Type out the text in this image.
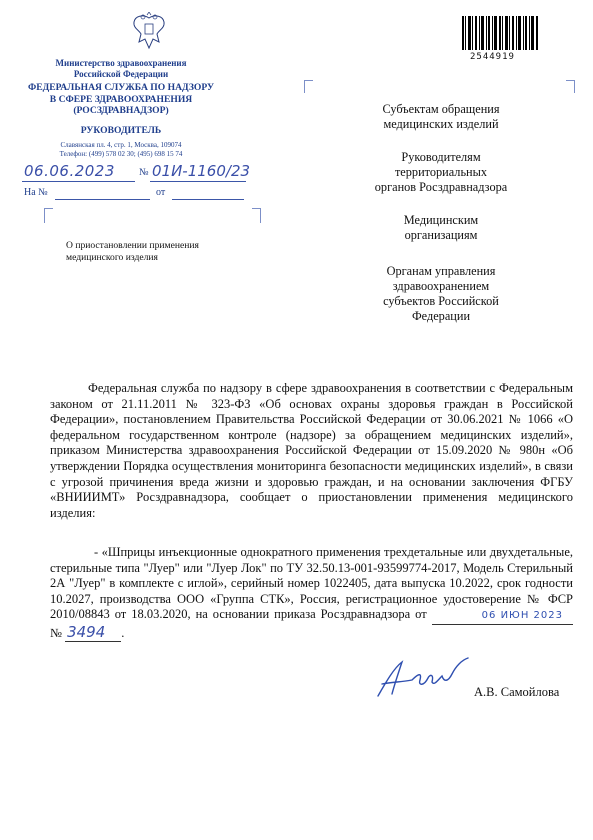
Министерство здравоохранения
Российской Федерации
ФЕДЕРАЛЬНАЯ СЛУЖБА ПО НАДЗОРУ
В СФЕРЕ ЗДРАВООХРАНЕНИЯ
(РОСЗДРАВНАДЗОР)
РУКОВОДИТЕЛЬ
Славянская пл. 4, стр. 1, Москва, 109074
Телефон: (499) 578 02 30; (495) 698 15 74
06.06.2023 № 01И-1160/23
На №	от
О приостановлении применения
медицинского изделия
2544919
Субъектам обращения
медицинских изделий
Руководителям
территориальных
органов Росздравнадзора
Медицинским
организациям
Органам управления
здравоохранением
субъектов Российской
Федерации
Федеральная служба по надзору в сфере здравоохранения в соответствии с Федеральным законом от 21.11.2011 № 323-ФЗ «Об основах охраны здоровья граждан в Российской Федерации», постановлением Правительства Российской Федерации от 30.06.2021 № 1066 «О федеральном государственном контроле (надзоре) за обращением медицинских изделий», приказом Министерства здравоохранения Российской Федерации от 15.09.2020 № 980н «Об утверждении Порядка осуществления мониторинга безопасности медицинских изделий», в связи с угрозой причинения вреда жизни и здоровью граждан, и на основании заключения ФГБУ «ВНИИИМТ» Росздравнадзора, сообщает о приостановлении применения медицинского изделия:
- «Шприцы инъекционные однократного применения трехдетальные или двухдетальные, стерильные типа "Луер" или "Луер Лок" по ТУ 32.50.13-001-93599774-2017, Модель Стерильный 2А "Луер" в комплекте с иглой», серийный номер 1022405, дата выпуска 10.2022, срок годности 10.2027, производства ООО «Группа СТК», Россия, регистрационное удостоверение № ФСР 2010/08843 от 18.03.2020, на основании приказа Росздравнадзора от	06 ИЮН 2023 № 3494 .
А.В. Самойлова
